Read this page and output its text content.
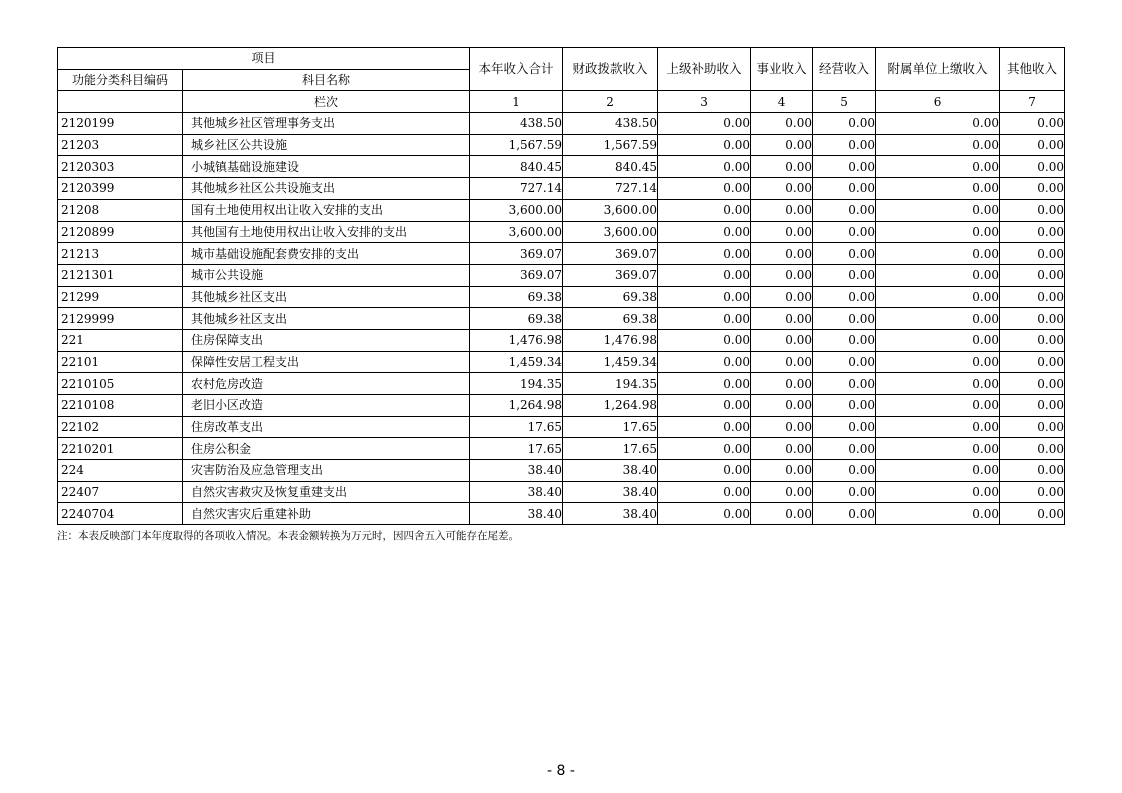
项目		本年收入合计	财政拨款收入	上级补助收入	事业收入	经营收入	附属单位上缴收入	其他收入
功能分类科目编码	科目名称							
	栏次	1	2	3	4	5	6	7
2120199	其他城乡社区管理事务支出	438.50	438.50	0.00	0.00	0.00	0.00	0.00
21203	城乡社区公共设施	1,567.59	1,567.59	0.00	0.00	0.00	0.00	0.00
2120303	小城镇基础设施建设	840.45	840.45	0.00	0.00	0.00	0.00	0.00
2120399	其他城乡社区公共设施支出	727.14	727.14	0.00	0.00	0.00	0.00	0.00
21208	国有土地使用权出让收入安排的支出	3,600.00	3,600.00	0.00	0.00	0.00	0.00	0.00
2120899	其他国有土地使用权出让收入安排的支出	3,600.00	3,600.00	0.00	0.00	0.00	0.00	0.00
21213	城市基础设施配套费安排的支出	369.07	369.07	0.00	0.00	0.00	0.00	0.00
2121301	城市公共设施	369.07	369.07	0.00	0.00	0.00	0.00	0.00
21299	其他城乡社区支出	69.38	69.38	0.00	0.00	0.00	0.00	0.00
2129999	其他城乡社区支出	69.38	69.38	0.00	0.00	0.00	0.00	0.00
221	住房保障支出	1,476.98	1,476.98	0.00	0.00	0.00	0.00	0.00
22101	保障性安居工程支出	1,459.34	1,459.34	0.00	0.00	0.00	0.00	0.00
2210105	农村危房改造	194.35	194.35	0.00	0.00	0.00	0.00	0.00
2210108	老旧小区改造	1,264.98	1,264.98	0.00	0.00	0.00	0.00	0.00
22102	住房改革支出	17.65	17.65	0.00	0.00	0.00	0.00	0.00
2210201	住房公积金	17.65	17.65	0.00	0.00	0.00	0.00	0.00
224	灾害防治及应急管理支出	38.40	38.40	0.00	0.00	0.00	0.00	0.00
22407	自然灾害救灾及恢复重建支出	38.40	38.40	0.00	0.00	0.00	0.00	0.00
2240704	自然灾害灾后重建补助	38.40	38.40	0.00	0.00	0.00	0.00	0.00
注：本表反映部门本年度取得的各项收入情况。本表金额转换为万元时，因四舍五入可能存在尾差。
- 8 -
